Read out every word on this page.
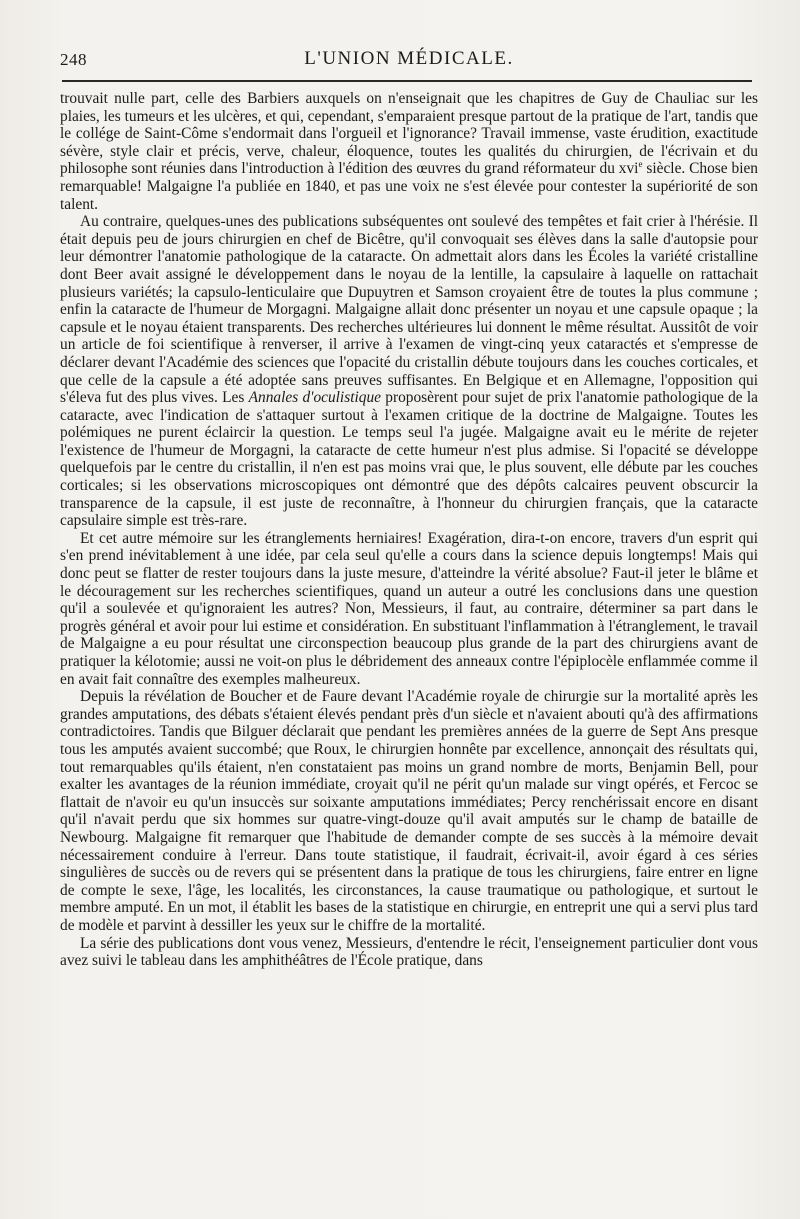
248	L'UNION MÉDICALE.

trouvait nulle part, celle des Barbiers auxquels on n'enseignait que les chapitres de Guy de Chauliac sur les plaies, les tumeurs et les ulcères, et qui, cependant, s'emparaient presque partout de la pratique de l'art, tandis que le collége de Saint-Côme s'endormait dans l'orgueil et l'ignorance? Travail immense, vaste érudition, exactitude sévère, style clair et précis, verve, chaleur, éloquence, toutes les qualités du chirurgien, de l'écrivain et du philosophe sont réunies dans l'introduction à l'édition des œuvres du grand réformateur du xvi$^e$ siècle. Chose bien remarquable! Malgaigne l'a publiée en 1840, et pas une voix ne s'est élevée pour contester la supériorité de son talent.

Au contraire, quelques-unes des publications subséquentes ont soulevé des tempêtes et fait crier à l'hérésie. Il était depuis peu de jours chirurgien en chef de Bicêtre, qu'il convoquait ses élèves dans la salle d'autopsie pour leur démontrer l'anatomie pathologique de la cataracte. On admettait alors dans les Écoles la variété cristalline dont Beer avait assigné le développement dans le noyau de la lentille, la capsulaire à laquelle on rattachait plusieurs variétés; la capsulo-lenticulaire que Dupuytren et Samson croyaient être de toutes la plus commune ; enfin la cataracte de l'humeur de Morgagni. Malgaigne allait donc présenter un noyau et une capsule opaque ; la capsule et le noyau étaient transparents. Des recherches ultérieures lui donnent le même résultat. Aussitôt de voir un article de foi scientifique à renverser, il arrive à l'examen de vingt-cinq yeux cataractés et s'empresse de déclarer devant l'Académie des sciences que l'opacité du cristallin débute toujours dans les couches corticales, et que celle de la capsule a été adoptée sans preuves suffisantes. En Belgique et en Allemagne, l'opposition qui s'éleva fut des plus vives. Les Annales d'oculistique proposèrent pour sujet de prix l'anatomie pathologique de la cataracte, avec l'indication de s'attaquer surtout à l'examen critique de la doctrine de Malgaigne. Toutes les polémiques ne purent éclaircir la question. Le temps seul l'a jugée. Malgaigne avait eu le mérite de rejeter l'existence de l'humeur de Morgagni, la cataracte de cette humeur n'est plus admise. Si l'opacité se développe quelquefois par le centre du cristallin, il n'en est pas moins vrai que, le plus souvent, elle débute par les couches corticales; si les observations microscopiques ont démontré que des dépôts calcaires peuvent obscurcir la transparence de la capsule, il est juste de reconnaître, à l'honneur du chirurgien français, que la cataracte capsulaire simple est très-rare.

Et cet autre mémoire sur les étranglements herniaires! Exagération, dira-t-on encore, travers d'un esprit qui s'en prend inévitablement à une idée, par cela seul qu'elle a cours dans la science depuis longtemps! Mais qui donc peut se flatter de rester toujours dans la juste mesure, d'atteindre la vérité absolue? Faut-il jeter le blâme et le découragement sur les recherches scientifiques, quand un auteur a outré les conclusions dans une question qu'il a soulevée et qu'ignoraient les autres? Non, Messieurs, il faut, au contraire, déterminer sa part dans le progrès général et avoir pour lui estime et considération. En substituant l'inflammation à l'étranglement, le travail de Malgaigne a eu pour résultat une circonspection beaucoup plus grande de la part des chirurgiens avant de pratiquer la kélotomie; aussi ne voit-on plus le débridement des anneaux contre l'épiplocèle enflammée comme il en avait fait connaître des exemples malheureux.

Depuis la révélation de Boucher et de Faure devant l'Académie royale de chirurgie sur la mortalité après les grandes amputations, des débats s'étaient élevés pendant près d'un siècle et n'avaient abouti qu'à des affirmations contradictoires. Tandis que Bilguer déclarait que pendant les premières années de la guerre de Sept Ans presque tous les amputés avaient succombé; que Roux, le chirurgien honnête par excellence, annonçait des résultats qui, tout remarquables qu'ils étaient, n'en constataient pas moins un grand nombre de morts, Benjamin Bell, pour exalter les avantages de la réunion immédiate, croyait qu'il ne périt qu'un malade sur vingt opérés, et Fercoc se flattait de n'avoir eu qu'un insuccès sur soixante amputations immédiates; Percy renchérissait encore en disant qu'il n'avait perdu que six hommes sur quatre-vingt-douze qu'il avait amputés sur le champ de bataille de Newbourg. Malgaigne fit remarquer que l'habitude de demander compte de ses succès à la mémoire devait nécessairement conduire à l'erreur. Dans toute statistique, il faudrait, écrivait-il, avoir égard à ces séries singulières de succès ou de revers qui se présentent dans la pratique de tous les chirurgiens, faire entrer en ligne de compte le sexe, l'âge, les localités, les circonstances, la cause traumatique ou pathologique, et surtout le membre amputé. En un mot, il établit les bases de la statistique en chirurgie, en entreprit une qui a servi plus tard de modèle et parvint à dessiller les yeux sur le chiffre de la mortalité.

La série des publications dont vous venez, Messieurs, d'entendre le récit, l'enseignement particulier dont vous avez suivi le tableau dans les amphithéâtres de l'École pratique, dans
